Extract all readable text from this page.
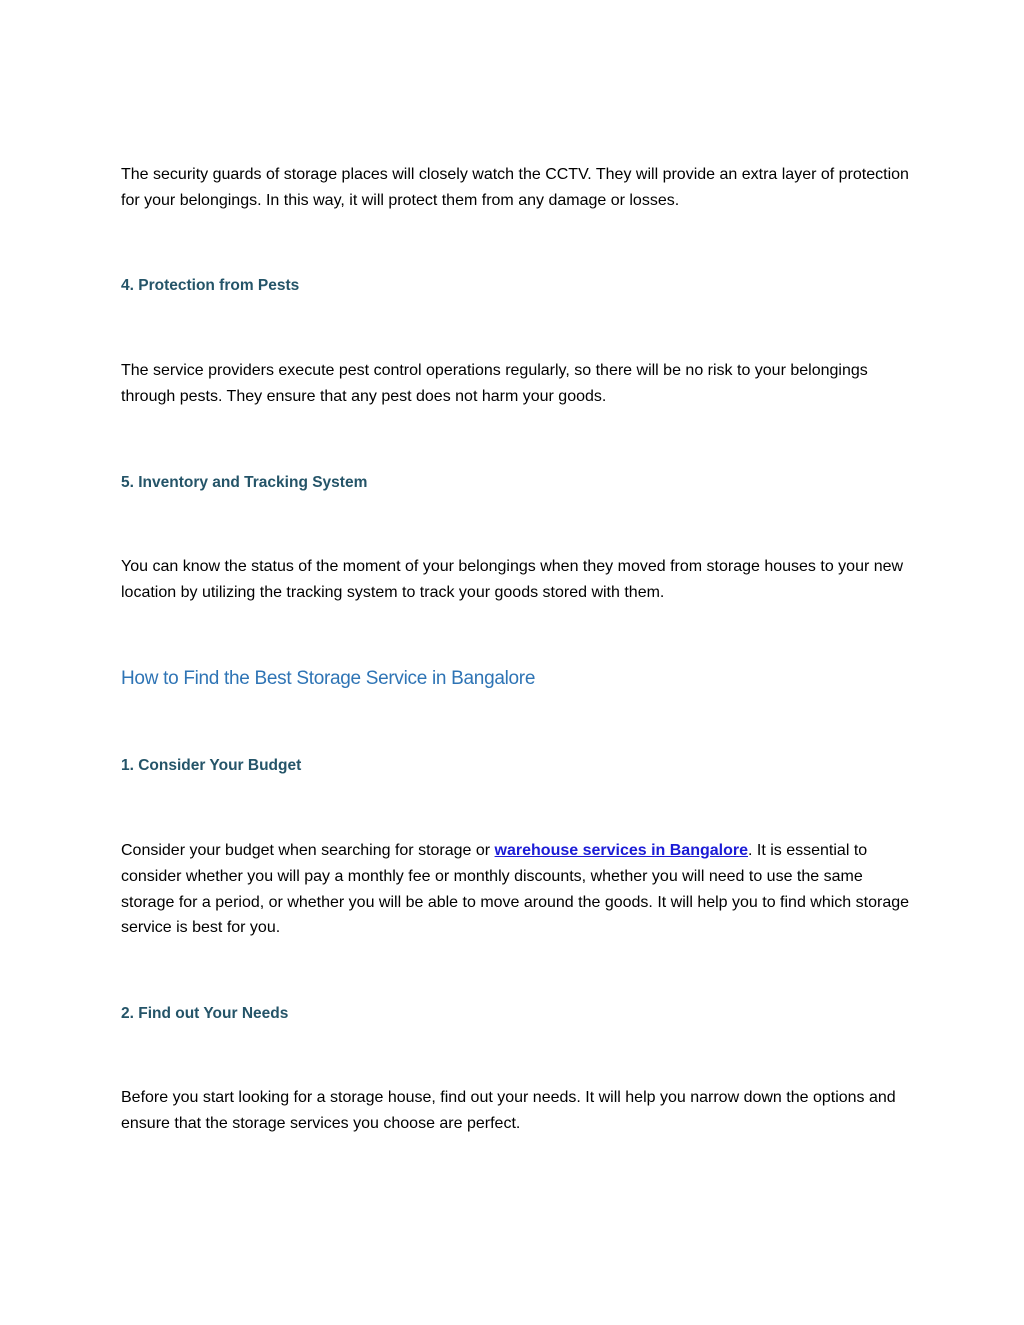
The security guards of storage places will closely watch the CCTV. They will provide an extra layer of protection for your belongings. In this way, it will protect them from any damage or losses.

4. Protection from Pests

The service providers execute pest control operations regularly, so there will be no risk to your belongings through pests. They ensure that any pest does not harm your goods.

5. Inventory and Tracking System

You can know the status of the moment of your belongings when they moved from storage houses to your new location by utilizing the tracking system to track your goods stored with them.

How to Find the Best Storage Service in Bangalore
1. Consider Your Budget

Consider your budget when searching for storage or warehouse services in Bangalore. It is essential to consider whether you will pay a monthly fee or monthly discounts, whether you will need to use the same storage for a period, or whether you will be able to move around the goods. It will help you to find which storage service is best for you.

2. Find out Your Needs

Before you start looking for a storage house, find out your needs. It will help you narrow down the options and ensure that the storage services you choose are perfect.
